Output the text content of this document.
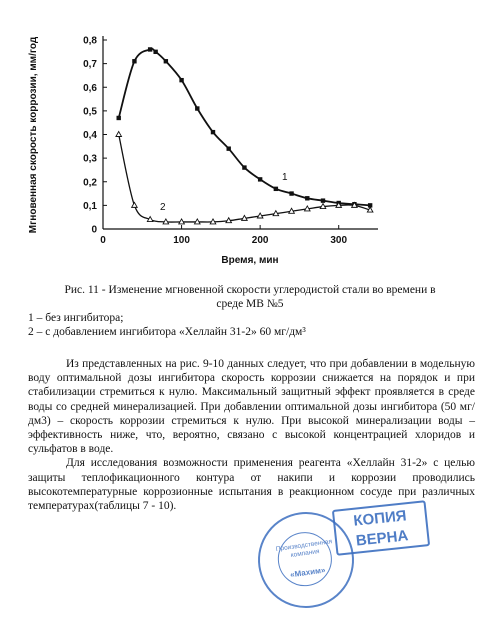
0
0,1
0,2
0,3
0,4
0,5
0,6
0,7
0,8
0	100	200	300
Мгновенная скорость коррозии, мм/год
Время, мин
1
2
Рис. 11 - Изменение мгновенной скорости углеродистой стали во времени в
среде МВ №5
1 – без ингибитора;
2 – с добавлением ингибитора «Хеллайн 31-2» 60 мг/дм³

Из представленных на рис. 9-10 данных следует, что при добавлении в модельную воду оптимальной дозы ингибитора скорость коррозии снижается на порядок и при стабилизации стремиться к нулю. Максимальный защитный эффект проявляется в среде воды со средней минерализацией. При добавлении оптимальной дозы ингибитора (50 мг/дм3) – скорость коррозии стремиться к нулю. При высокой минерализации воды – эффективность ниже, что, вероятно, связано с высокой концентрацией хлоридов и сульфатов в воде.

Для исследования возможности применения реагента «Хеллайн 31-2» с целью защиты теплофикационного контура от накипи и коррозии проводились высокотемпературные коррозионные испытания в реакционном сосуде при различных температурах(таблицы 7 - 10).

Производственная компания
«Махим»
КОПИЯ
ВЕРНА
